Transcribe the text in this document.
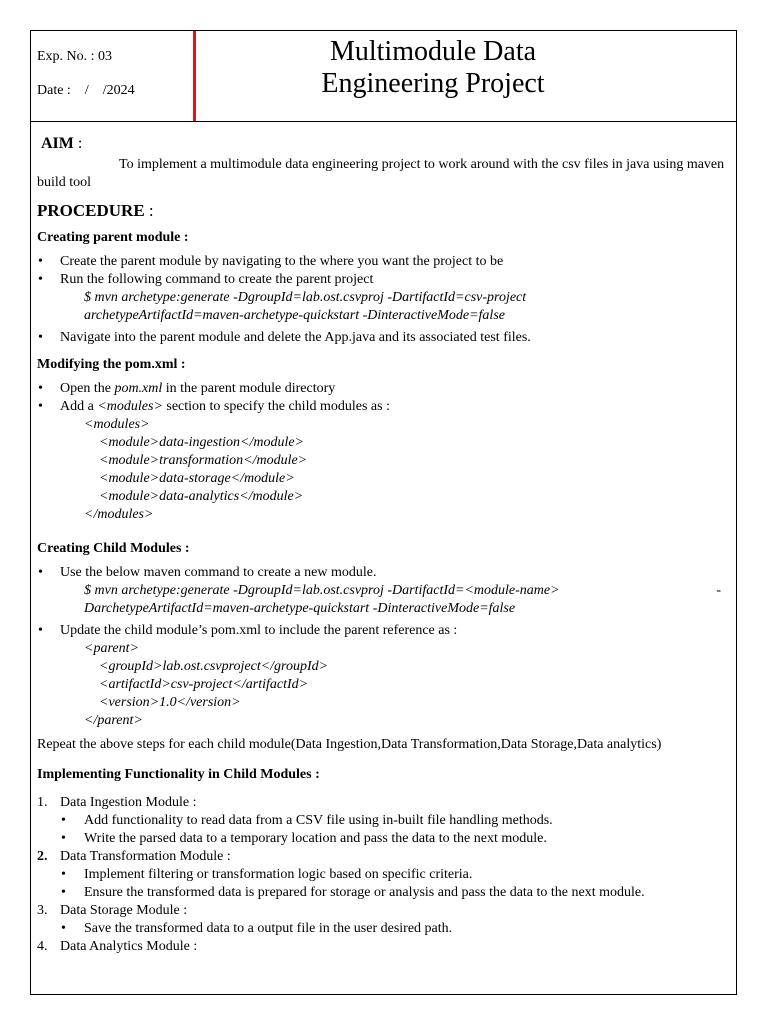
Exp. No. : 03
Date :    /    /2024
Multimodule Data
Engineering Project
AIM :

To implement a multimodule data engineering project to work around with the csv files in java using maven build tool

PROCEDURE :
Creating parent module :
• Create the parent module by navigating to the where you want the project to be
• Run the following command to create the parent project
$ mvn archetype:generate -DgroupId=lab.ost.csvproj -DartifactId=csv-project
archetypeArtifactId=maven-archetype-quickstart -DinteractiveMode=false
• Navigate into the parent module and delete the App.java and its associated test files.
Modifying the pom.xml :
• Open the pom.xml in the parent module directory
• Add a <modules> section to specify the child modules as :
<modules>
<module>data-ingestion</module>
<module>transformation</module>
<module>data-storage</module>
<module>data-analytics</module>
</modules>
Creating Child Modules :
• Use the below maven command to create a new module.
$ mvn archetype:generate -DgroupId=lab.ost.csvproj -DartifactId=<module-name>	-
DarchetypeArtifactId=maven-archetype-quickstart -DinteractiveMode=false
• Update the child module’s pom.xml to include the parent reference as :
<parent>
<groupId>lab.ost.csvproject</groupId>
<artifactId>csv-project</artifactId>
<version>1.0</version>
</parent>
Repeat the above steps for each child module(Data Ingestion,Data Transformation,Data Storage,Data analytics)
Implementing Functionality in Child Modules :
1. Data Ingestion Module :
• Add functionality to read data from a CSV file using in-built file handling methods.
• Write the parsed data to a temporary location and pass the data to the next module.
2. Data Transformation Module :
• Implement filtering or transformation logic based on specific criteria.
• Ensure the transformed data is prepared for storage or analysis and pass the data to the next module.
3. Data Storage Module :
• Save the transformed data to a output file in the user desired path.
4. Data Analytics Module :
